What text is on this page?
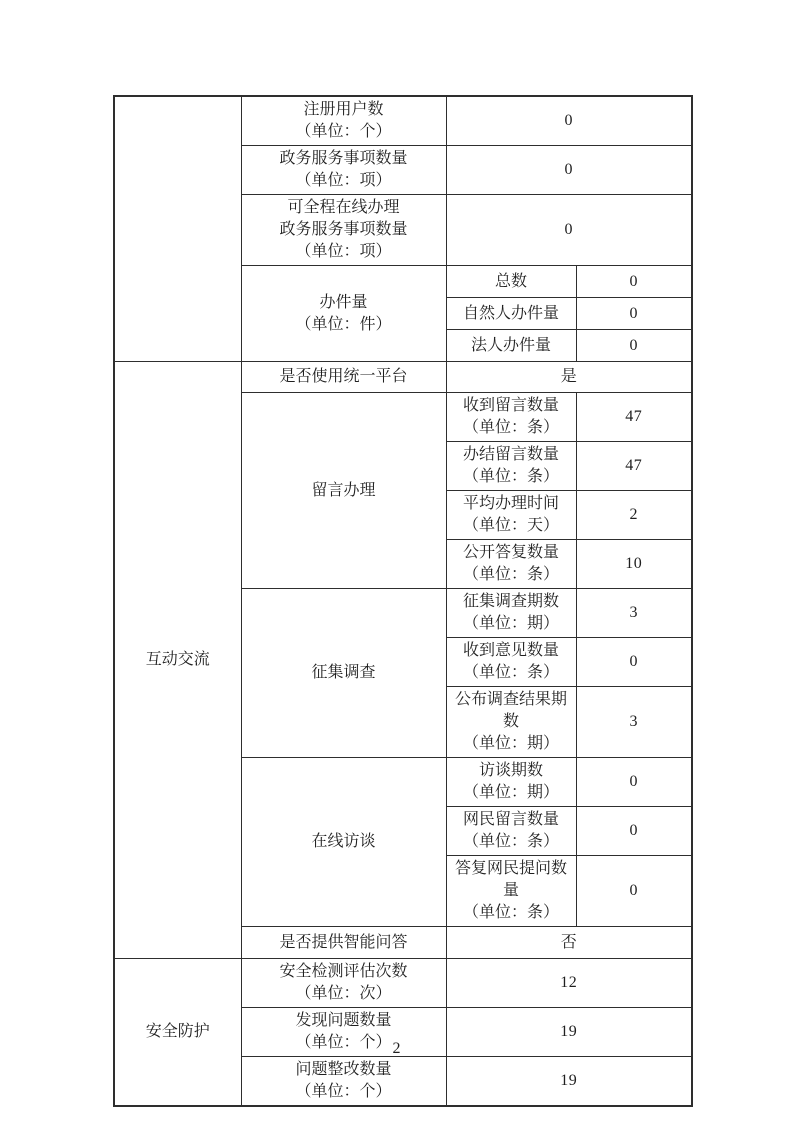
	注册用户数
（单位：个）	0	

	政务服务事项数量
（单位：项）	0	

	可全程在线办理
政务服务事项数量
（单位：项）	0	

	办件量
（单位：件）	总数	0
		自然人办件量	0
		法人办件量	0
互动交流	是否使用统一平台	是	
	留言办理	收到留言数量
（单位：条）	47

		办结留言数量
（单位：条）	47

		平均办理时间
（单位：天）	2

		公开答复数量
（单位：条）	10
	征集调查	征集调查期数
（单位：期）	3

		收到意见数量
（单位：条）	0

		公布调查结果期数
（单位：期）	3
	在线访谈	访谈期数
（单位：期）	0

		网民留言数量
（单位：条）	0

		答复网民提问数量
（单位：条）	0
	是否提供智能问答	否	
安全防护	安全检测评估次数
（单位：次）	12	

	发现问题数量
（单位：个）	19	

	问题整改数量
（单位：个）	19	
2
